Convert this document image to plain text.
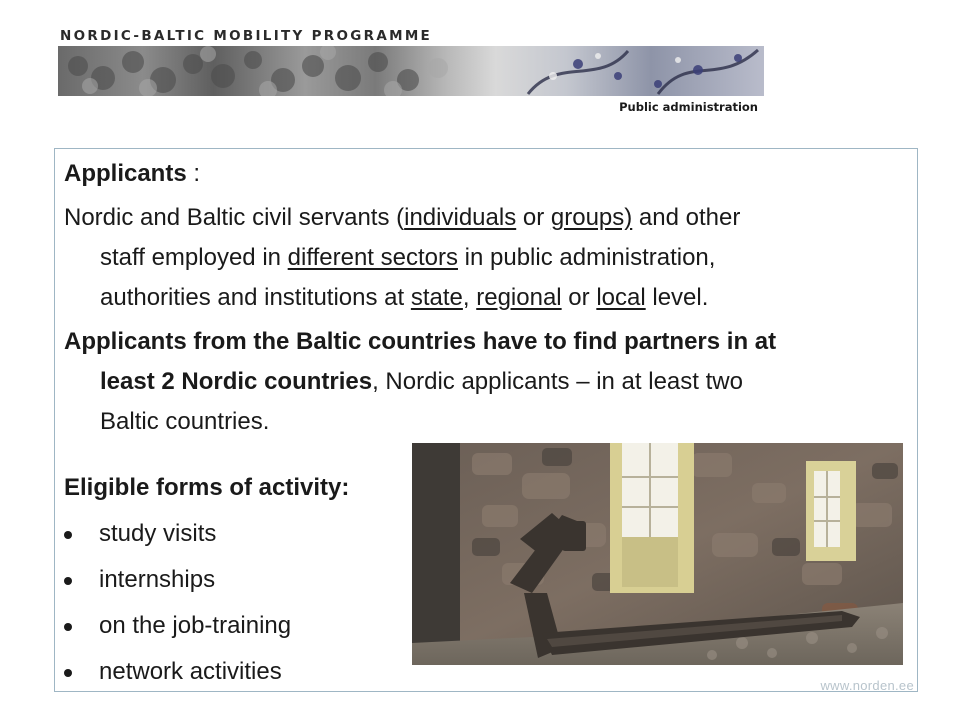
NORDIC-BALTIC MOBILITY PROGRAMME
Public administration
Applicants :
Nordic and Baltic civil servants (individuals or groups) and other
staff employed in different sectors in public administration,
authorities and institutions at state, regional or local level.
Applicants from the Baltic countries have to find partners in at
least 2 Nordic countries, Nordic applicants – in at least two
Baltic countries.
Eligible forms of activity:
study visits
internships
on the job-training
network activities
www.norden.ee
